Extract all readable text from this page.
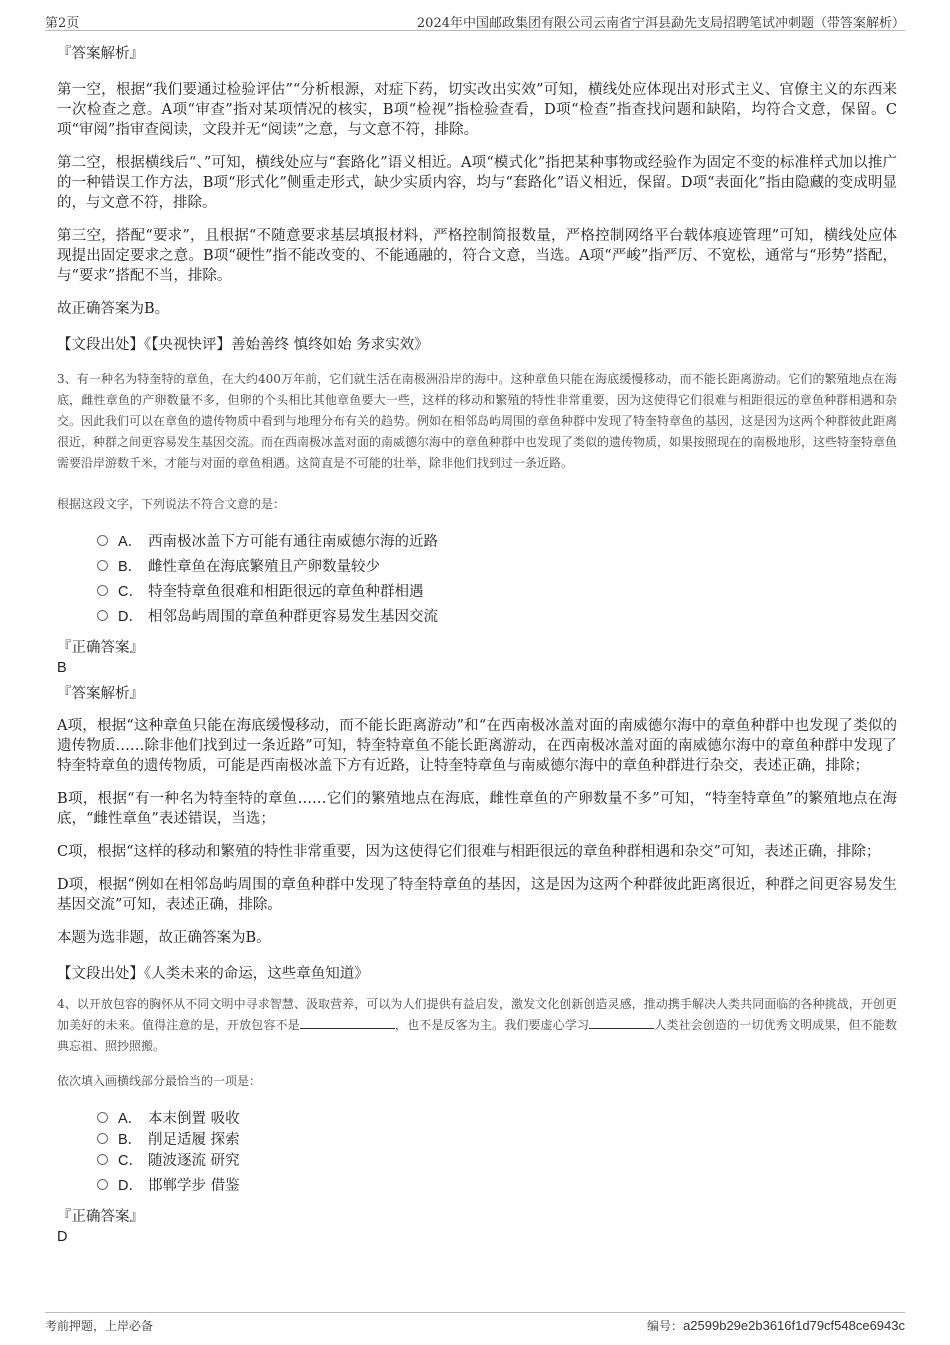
第2页	2024年中国邮政集团有限公司云南省宁洱县勐先支局招聘笔试冲刺题（带答案解析）

『答案解析』

第一空，根据“我们要通过检验评估”“分析根源，对症下药，切实改出实效”可知，横线处应体现出对形式主义、官僚主义的东西来一次检查之意。A项“审查”指对某项情况的核实，B项“检视”指检验查看，D项“检查”指查找问题和缺陷，均符合文意，保留。C项“审阅”指审查阅读，文段并无“阅读”之意，与文意不符，排除。

第二空，根据横线后“、”可知，横线处应与“套路化”语义相近。A项“模式化”指把某种事物或经验作为固定不变的标准样式加以推广的一种错误工作方法，B项“形式化”侧重走形式，缺少实质内容，均与“套路化”语义相近，保留。D项“表面化”指由隐藏的变成明显的，与文意不符，排除。

第三空，搭配“要求”，且根据“不随意要求基层填报材料，严格控制简报数量，严格控制网络平台载体痕迹管理”可知，横线处应体现提出固定要求之意。B项“硬性”指不能改变的、不能通融的，符合文意，当选。A项“严峻”指严厉、不宽松，通常与“形势”搭配，与“要求”搭配不当，排除。

故正确答案为B。

【文段出处】《【央视快评】善始善终 慎终如始 务求实效》

3、有一种名为特奎特的章鱼，在大约400万年前，它们就生活在南极洲沿岸的海中。这种章鱼只能在海底缓慢移动，而不能长距离游动。它们的繁殖地点在海底，雌性章鱼的产卵数量不多，但卵的个头相比其他章鱼要大一些，这样的移动和繁殖的特性非常重要，因为这使得它们很难与相距很远的章鱼种群相遇和杂交。因此我们可以在章鱼的遗传物质中看到与地理分布有关的趋势。例如在相邻岛屿周围的章鱼种群中发现了特奎特章鱼的基因，这是因为这两个种群彼此距离很近，种群之间更容易发生基因交流。而在西南极冰盖对面的南威德尔海中的章鱼种群中也发现了类似的遗传物质，如果按照现在的南极地形，这些特奎特章鱼需要沿岸游数千米，才能与对面的章鱼相遇。这简直是不可能的壮举，除非他们找到过一条近路。

根据这段文字，下列说法不符合文意的是：

A． 西南极冰盖下方可能有通往南威德尔海的近路
B． 雌性章鱼在海底繁殖且产卵数量较少
C． 特奎特章鱼很难和相距很远的章鱼种群相遇
D． 相邻岛屿周围的章鱼种群更容易发生基因交流

『正确答案』

B

『答案解析』

A项，根据“这种章鱼只能在海底缓慢移动，而不能长距离游动”和“在西南极冰盖对面的南威德尔海中的章鱼种群中也发现了类似的遗传物质……除非他们找到过一条近路”可知，特奎特章鱼不能长距离游动，在西南极冰盖对面的南威德尔海中的章鱼种群中发现了特奎特章鱼的遗传物质，可能是西南极冰盖下方有近路，让特奎特章鱼与南威德尔海中的章鱼种群进行杂交，表述正确，排除；

B项，根据“有一种名为特奎特的章鱼……它们的繁殖地点在海底，雌性章鱼的产卵数量不多”可知，“特奎特章鱼”的繁殖地点在海底，“雌性章鱼”表述错误，当选；

C项，根据“这样的移动和繁殖的特性非常重要，因为这使得它们很难与相距很远的章鱼种群相遇和杂交”可知，表述正确，排除；

D项，根据“例如在相邻岛屿周围的章鱼种群中发现了特奎特章鱼的基因，这是因为这两个种群彼此距离很近，种群之间更容易发生基因交流”可知，表述正确，排除。

本题为选非题，故正确答案为B。

【文段出处】《人类未来的命运，这些章鱼知道》

4、以开放包容的胸怀从不同文明中寻求智慧、汲取营养，可以为人们提供有益启发，激发文化创新创造灵感，推动携手解决人类共同面临的各种挑战，开创更加美好的未来。值得注意的是，开放包容不是	，也不是反客为主。我们要虚心学习	人类社会创造的一切优秀文明成果，但不能数典忘祖、照抄照搬。

依次填入画横线部分最恰当的一项是：

A． 本末倒置 吸收
B． 削足适履 探索
C． 随波逐流 研究
D． 邯郸学步 借鉴

『正确答案』

D

考前押题，上岸必备	编号：a2599b29e2b3616f1d79cf548ce6943c
